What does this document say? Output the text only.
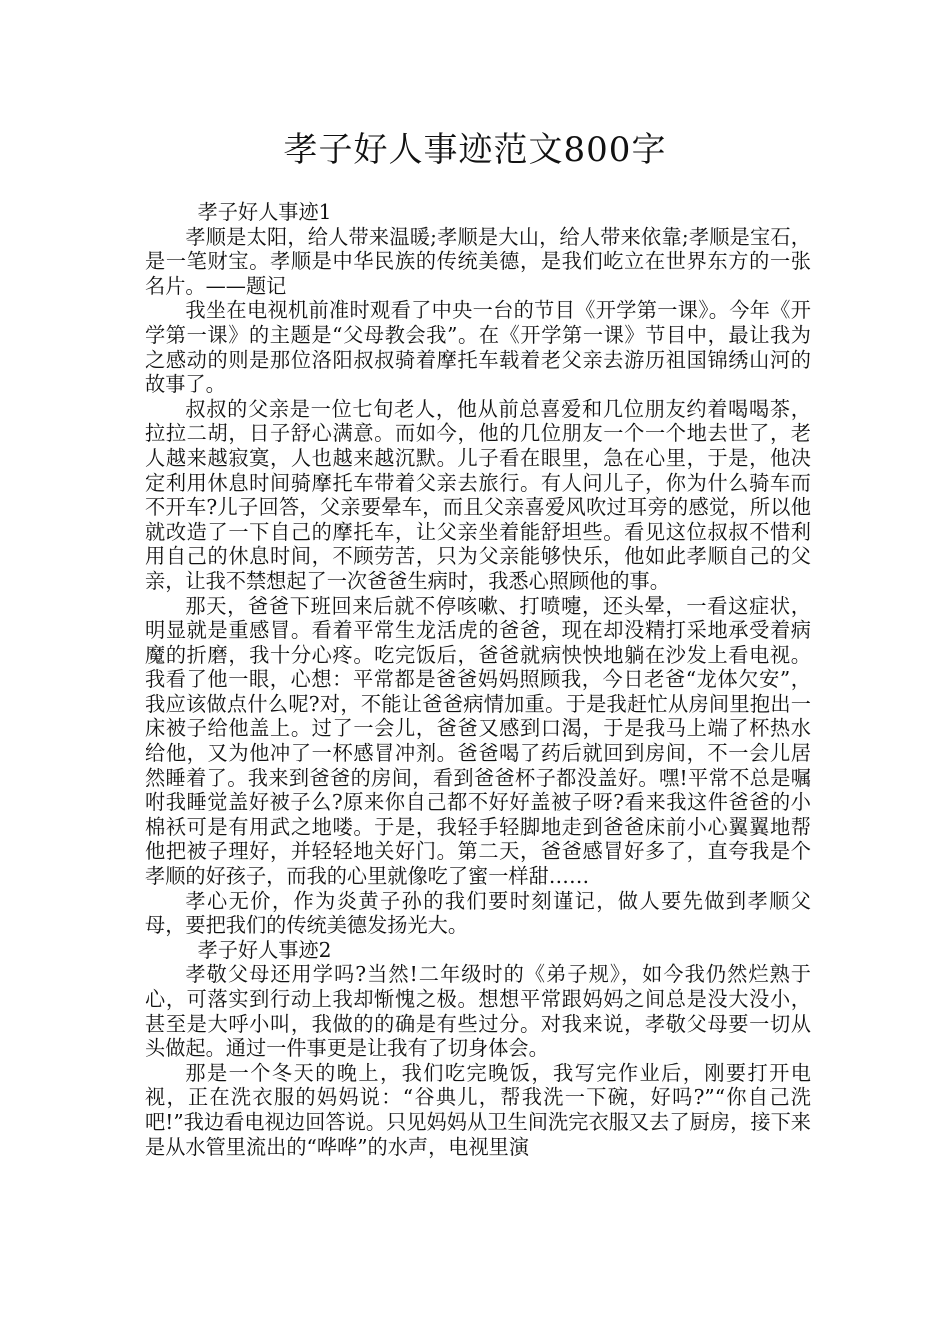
孝子好人事迹范文800字

孝子好人事迹1

孝顺是太阳，给人带来温暖;孝顺是大山，给人带来依靠;孝顺是宝石，是一笔财宝。孝顺是中华民族的传统美德，是我们屹立在世界东方的一张名片。——题记

我坐在电视机前准时观看了中央一台的节目《开学第一课》。今年《开学第一课》的主题是“父母教会我”。在《开学第一课》节目中，最让我为之感动的则是那位洛阳叔叔骑着摩托车载着老父亲去游历祖国锦绣山河的故事了。

叔叔的父亲是一位七旬老人，他从前总喜爱和几位朋友约着喝喝茶，拉拉二胡，日子舒心满意。而如今，他的几位朋友一个一个地去世了，老人越来越寂寞，人也越来越沉默。儿子看在眼里，急在心里，于是，他决定利用休息时间骑摩托车带着父亲去旅行。有人问儿子，你为什么骑车而不开车?儿子回答，父亲要晕车，而且父亲喜爱风吹过耳旁的感觉，所以他就改造了一下自己的摩托车，让父亲坐着能舒坦些。看见这位叔叔不惜利用自己的休息时间，不顾劳苦，只为父亲能够快乐，他如此孝顺自己的父亲，让我不禁想起了一次爸爸生病时，我悉心照顾他的事。

那天，爸爸下班回来后就不停咳嗽、打喷嚏，还头晕，一看这症状，明显就是重感冒。看着平常生龙活虎的爸爸，现在却没精打采地承受着病魔的折磨，我十分心疼。吃完饭后，爸爸就病怏怏地躺在沙发上看电视。我看了他一眼，心想：平常都是爸爸妈妈照顾我，今日老爸“龙体欠安”，我应该做点什么呢?对，不能让爸爸病情加重。于是我赶忙从房间里抱出一床被子给他盖上。过了一会儿，爸爸又感到口渴，于是我马上端了杯热水给他，又为他冲了一杯感冒冲剂。爸爸喝了药后就回到房间，不一会儿居然睡着了。我来到爸爸的房间，看到爸爸杯子都没盖好。嘿!平常不总是嘱咐我睡觉盖好被子么?原来你自己都不好好盖被子呀?看来我这件爸爸的小棉袄可是有用武之地喽。于是，我轻手轻脚地走到爸爸床前小心翼翼地帮他把被子理好，并轻轻地关好门。第二天，爸爸感冒好多了，直夸我是个孝顺的好孩子，而我的心里就像吃了蜜一样甜……

孝心无价，作为炎黄子孙的我们要时刻谨记，做人要先做到孝顺父母，要把我们的传统美德发扬光大。

孝子好人事迹2

孝敬父母还用学吗?当然!二年级时的《弟子规》，如今我仍然烂熟于心，可落实到行动上我却惭愧之极。想想平常跟妈妈之间总是没大没小，甚至是大呼小叫，我做的的确是有些过分。对我来说，孝敬父母要一切从头做起。通过一件事更是让我有了切身体会。

那是一个冬天的晚上，我们吃完晚饭，我写完作业后，刚要打开电视，正在洗衣服的妈妈说：“谷典儿，帮我洗一下碗，好吗?”“你自己洗吧!”我边看电视边回答说。只见妈妈从卫生间洗完衣服又去了厨房，接下来是从水管里流出的“哗哗”的水声，电视里演
